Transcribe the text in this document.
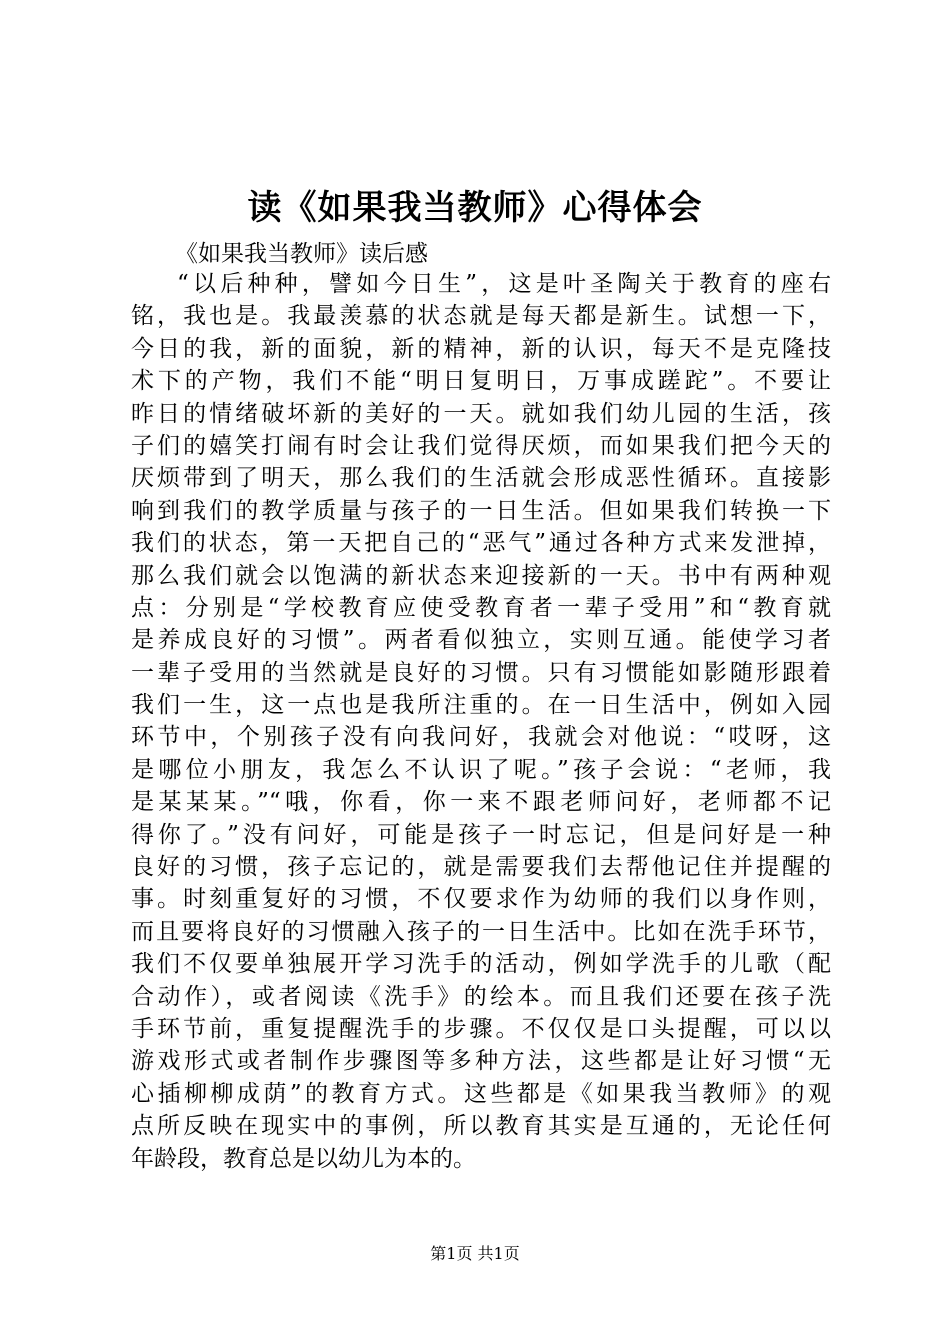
读《如果我当教师》心得体会

《如果我当教师》读后感

“以后种种，譬如今日生”，这是叶圣陶关于教育的座右
铭，我也是。我最羡慕的状态就是每天都是新生。试想一下，
今日的我，新的面貌，新的精神，新的认识，每天不是克隆技
术下的产物，我们不能“明日复明日，万事成蹉跎”。不要让
昨日的情绪破坏新的美好的一天。就如我们幼儿园的生活，孩
子们的嬉笑打闹有时会让我们觉得厌烦，而如果我们把今天的
厌烦带到了明天，那么我们的生活就会形成恶性循环。直接影
响到我们的教学质量与孩子的一日生活。但如果我们转换一下
我们的状态，第一天把自己的“恶气”通过各种方式来发泄掉，
那么我们就会以饱满的新状态来迎接新的一天。书中有两种观
点：分别是“学校教育应使受教育者一辈子受用”和“教育就
是养成良好的习惯”。两者看似独立，实则互通。能使学习者
一辈子受用的当然就是良好的习惯。只有习惯能如影随形跟着
我们一生，这一点也是我所注重的。在一日生活中，例如入园
环节中，个别孩子没有向我问好，我就会对他说：“哎呀，这
是哪位小朋友，我怎么不认识了呢。”孩子会说：“老师，我
是某某某。”“哦，你看，你一来不跟老师问好，老师都不记
得你了。”没有问好，可能是孩子一时忘记，但是问好是一种
良好的习惯，孩子忘记的，就是需要我们去帮他记住并提醒的
事。时刻重复好的习惯，不仅要求作为幼师的我们以身作则，
而且要将良好的习惯融入孩子的一日生活中。比如在洗手环节，
我们不仅要单独展开学习洗手的活动，例如学洗手的儿歌（配
合动作），或者阅读《洗手》的绘本。而且我们还要在孩子洗
手环节前，重复提醒洗手的步骤。不仅仅是口头提醒，可以以
游戏形式或者制作步骤图等多种方法，这些都是让好习惯“无
心插柳柳成荫”的教育方式。这些都是《如果我当教师》的观
点所反映在现实中的事例，所以教育其实是互通的，无论任何
年龄段，教育总是以幼儿为本的。

第1页 共1页
